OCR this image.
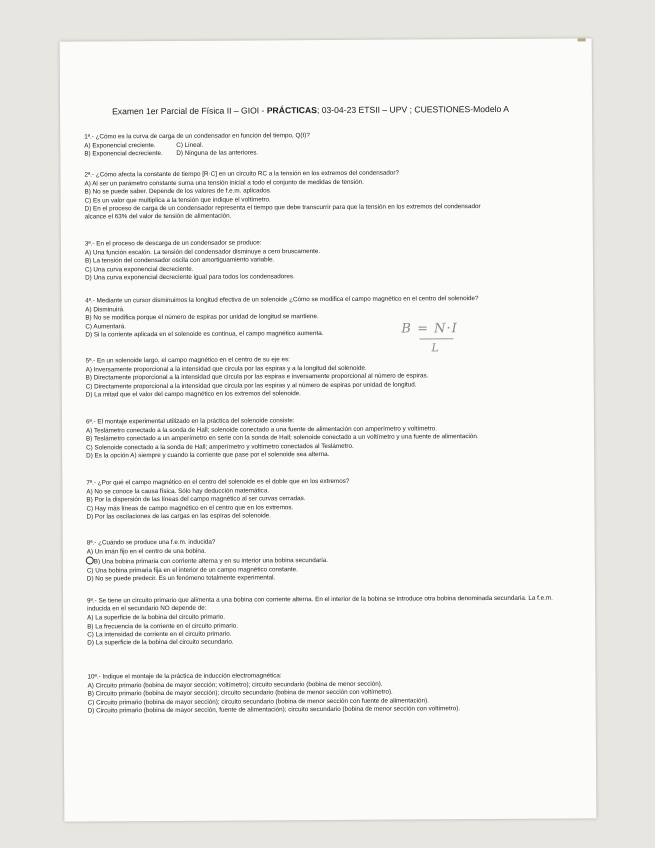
Examen 1er Parcial de Física II – GIOI - PRÁCTICAS; 03-04-23 ETSII – UPV ; CUESTIONES-Modelo A
1ª.- ¿Cómo es la curva de carga de un condensador en función del tiempo, Q(t)?
A) Exponencial creciente.	C) Lineal.
B) Exponencial decreciente.	D) Ninguna de las anteriores.
2ª.- ¿Cómo afecta la constante de tiempo [R·C] en un circuito RC a la tensión en los extremos del condensador?
A) Al ser un parámetro constante suma una tensión inicial a todo el conjunto de medidas de tensión.
B) No se puede saber. Depende de los valores de f.e.m. aplicados.
C) Es un valor que multiplica a la tensión que indique el voltímetro.
D) En el proceso de carga de un condensador representa el tiempo que debe transcurrir para que la tensión en los extremos del condensador
alcance el 63% del valor de tensión de alimentación.
3ª.- En el proceso de descarga de un condensador se produce:
A) Una función escalón. La tensión del condensador disminuye a cero bruscamente.
B) La tensión del condensador oscila con amortiguamiento variable.
C) Una curva exponencial decreciente.
D) Una curva exponencial decreciente igual para todos los condensadores.
4ª.- Mediante un cursor disminuimos la longitud efectiva de un solenoide ¿Cómo se modifica el campo magnético en el centro del solenoide?
A) Disminuirá.
B) No se modifica porque el número de espiras por unidad de longitud se mantiene.
C) Aumentará.
D) Si la corriente aplicada en el solenoide es continua, el campo magnético aumenta.	B = N·I
L
5ª.- En un solenoide largo, el campo magnético en el centro de su eje es:
A) Inversamente proporcional a la intensidad que circula por las espiras y a la longitud del solenoide.
B) Directamente proporcional a la intensidad que circula por las espiras e inversamente proporcional al número de espiras.
C) Directamente proporcional a la intensidad que circula por las espiras y al número de espiras por unidad de longitud.
D) La mitad que el valor del campo magnético en los extremos del solenoide.
6ª.- El montaje experimental utilizado en la práctica del solenoide consiste:
A) Teslámetro conectado a la sonda de Hall; solenoide conectado a una fuente de alimentación con amperímetro y voltímetro.
B) Teslámetro conectado a un amperímetro en serie con la sonda de Hall; solenoide conectado a un voltímetro y una fuente de alimentación.
C) Solenoide conectado a la sonda de Hall; amperímetro y voltímetro conectados al Teslámetro.
D) Es la opción A) siempre y cuando la corriente que pase por el solenoide sea alterna.
7ª.- ¿Por qué el campo magnético en el centro del solenoide es el doble que en los extremos?
A) No se conoce la causa física. Sólo hay deducción matemática.
B) Por la dispersión de las líneas del campo magnético al ser curvas cerradas.
C) Hay más líneas de campo magnético en el centro que en los extremos.
D) Por las oscilaciones de las cargas en las espiras del solenoide.
8ª.- ¿Cuándo se produce una f.e.m. inducida?
A) Un imán fijo en el centro de una bobina.
B) Una bobina primaria con corriente alterna y en su interior una bobina secundaria.
C) Una bobina primaria fija en el interior de un campo magnético constante.
D) No se puede predecir. Es un fenómeno totalmente experimental.
9ª.- Se tiene un circuito primario que alimenta a una bobina con corriente alterna. En el interior de la bobina se introduce otra bobina denominada secundaria. La f.e.m. inducida en el secundario NO depende de:
A) La superficie de la bobina del circuito primario.
B) La frecuencia de la corriente en el circuito primario.
C) La intensidad de corriente en el circuito primario.
D) La superficie de la bobina del circuito secundario.
10ª.- Indique el montaje de la práctica de inducción electromagnética:
A) Circuito primario (bobina de mayor sección; voltímetro); circuito secundario (bobina de menor sección).
B) Circuito primario (bobina de mayor sección); circuito secundario (bobina de menor sección con voltímetro).
C) Circuito primario (bobina de mayor sección); circuito secundario (bobina de menor sección con fuente de alimentación).
D) Circuito primario (bobina de mayor sección, fuente de alimentación); circuito secundario (bobina de menor sección con voltímetro).
